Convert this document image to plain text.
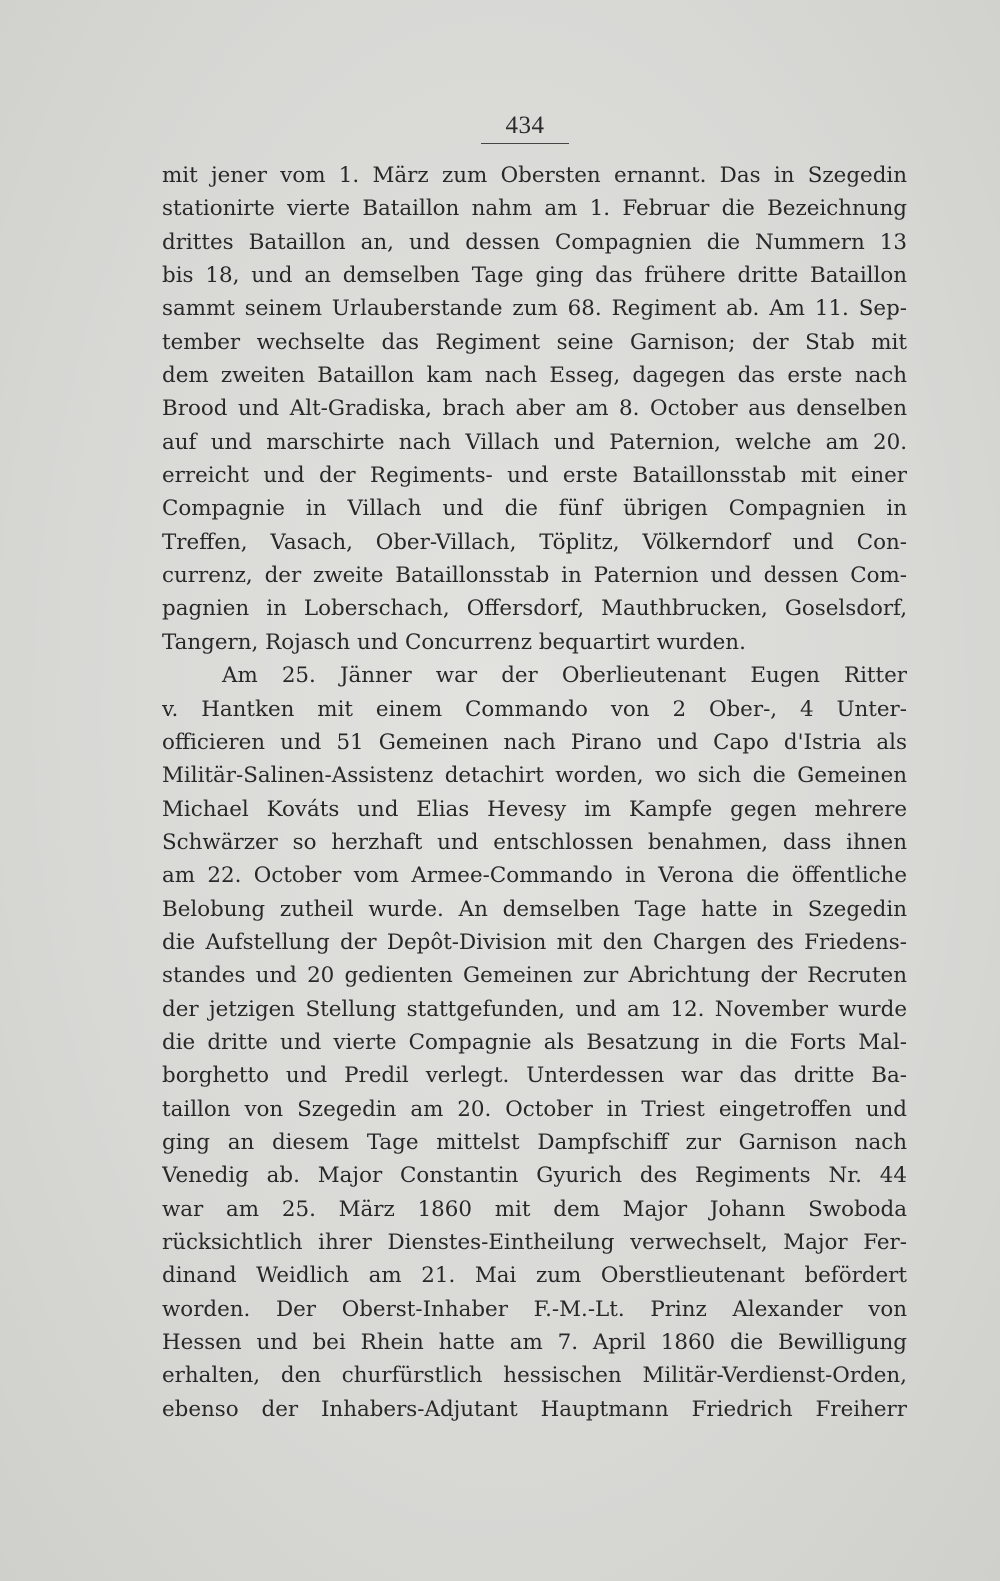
434
mit jener vom 1. März zum Obersten ernannt. Das in Szegedin
stationirte vierte Bataillon nahm am 1. Februar die Bezeichnung
drittes Bataillon an, und dessen Compagnien die Nummern 13
bis 18, und an demselben Tage ging das frühere dritte Bataillon
sammt seinem Urlauberstande zum 68. Regiment ab. Am 11. Sep-
tember wechselte das Regiment seine Garnison; der Stab mit
dem zweiten Bataillon kam nach Esseg, dagegen das erste nach
Brood und Alt-Gradiska, brach aber am 8. October aus denselben
auf und marschirte nach Villach und Paternion, welche am 20.
erreicht und der Regiments- und erste Bataillonsstab mit einer
Compagnie in Villach und die fünf übrigen Compagnien in
Treffen, Vasach, Ober-Villach, Töplitz, Völkerndorf und Con-
currenz, der zweite Bataillonsstab in Paternion und dessen Com-
pagnien in Loberschach, Offersdorf, Mauthbrucken, Goselsdorf,
Tangern, Rojasch und Concurrenz bequartirt wurden.
Am 25. Jänner war der Oberlieutenant Eugen Ritter
v. Hantken mit einem Commando von 2 Ober-, 4 Unter-
officieren und 51 Gemeinen nach Pirano und Capo d'Istria als
Militär-Salinen-Assistenz detachirt worden, wo sich die Gemeinen
Michael Kováts und Elias Hevesy im Kampfe gegen mehrere
Schwärzer so herzhaft und entschlossen benahmen, dass ihnen
am 22. October vom Armee-Commando in Verona die öffentliche
Belobung zutheil wurde. An demselben Tage hatte in Szegedin
die Aufstellung der Depôt-Division mit den Chargen des Friedens-
standes und 20 gedienten Gemeinen zur Abrichtung der Recruten
der jetzigen Stellung stattgefunden, und am 12. November wurde
die dritte und vierte Compagnie als Besatzung in die Forts Mal-
borghetto und Predil verlegt. Unterdessen war das dritte Ba-
taillon von Szegedin am 20. October in Triest eingetroffen und
ging an diesem Tage mittelst Dampfschiff zur Garnison nach
Venedig ab. Major Constantin Gyurich des Regiments Nr. 44
war am 25. März 1860 mit dem Major Johann Swoboda
rücksichtlich ihrer Dienstes-Eintheilung verwechselt, Major Fer-
dinand Weidlich am 21. Mai zum Oberstlieutenant befördert
worden. Der Oberst-Inhaber F.-M.-Lt. Prinz Alexander von
Hessen und bei Rhein hatte am 7. April 1860 die Bewilligung
erhalten, den churfürstlich hessischen Militär-Verdienst-Orden,
ebenso der Inhabers-Adjutant Hauptmann Friedrich Freiherr
